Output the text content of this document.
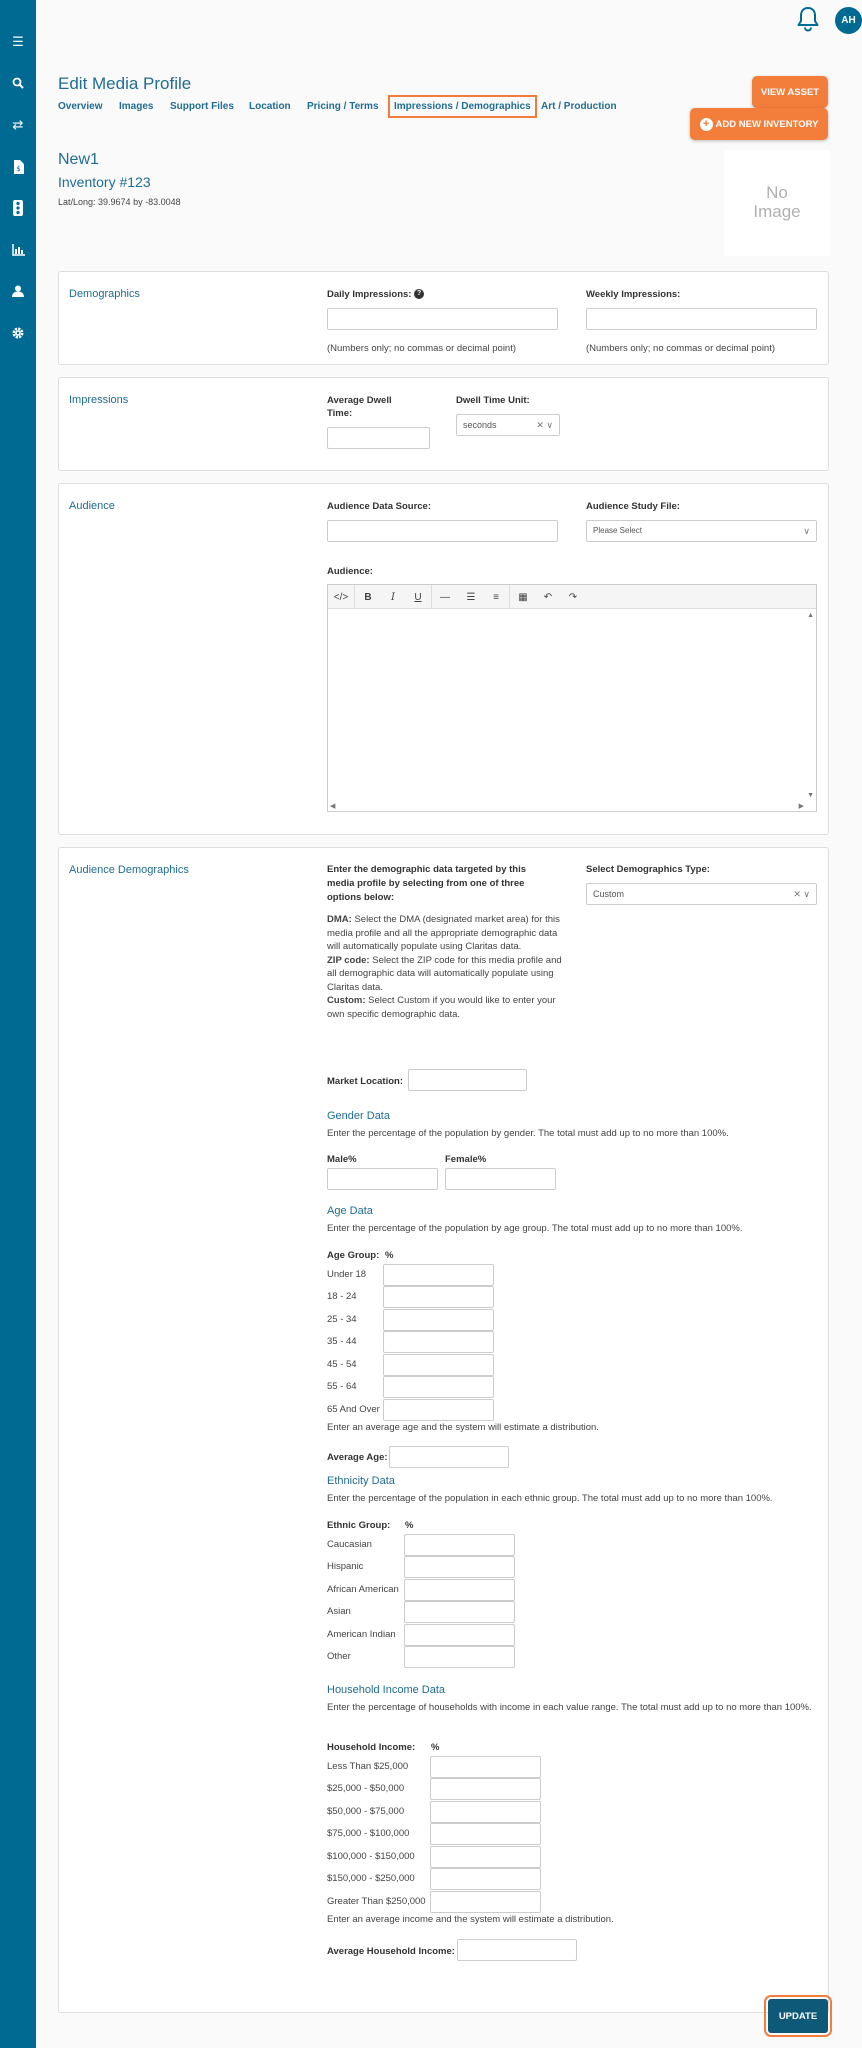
☰
⇄
$
AH
Edit Media Profile
Overview Images Support Files Location Pricing / Terms Impressions / Demographics Art / Production
VIEW ASSET
+ ADD NEW INVENTORY
New1
Inventory #123
Lat/Long: 39.9674 by -83.0048	No Image
Demographics	Daily Impressions: ?
(Numbers only; no commas or decimal point)
Weekly Impressions:
(Numbers only; no commas or decimal point)
Impressions	Average Dwell Time:
Dwell Time Unit:
seconds	✕ ∨
Audience	Audience Data Source:	Audience Study File:
Please Select	∨
Audience:
</>	B	I	U	—	☰	≡	▦	↶	↷
▲
▼
◀	▶
Audience Demographics	Enter the demographic data targeted by this media profile by selecting from one of three options below:
DMA: Select the DMA (designated market area) for this media profile and all the appropriate demographic data will automatically populate using Claritas data.
ZIP code: Select the ZIP code for this media profile and all demographic data will automatically populate using Claritas data.
Custom: Select Custom if you would like to enter your own specific demographic data.
Select Demographics Type:
Custom	✕ ∨
Market Location:
Gender Data
Enter the percentage of the population by gender. The total must add up to no more than 100%.
Male%	Female%
Age Data
Enter the percentage of the population by age group. The total must add up to no more than 100%.
Age Group: %
Under 18
18 - 24
25 - 34
35 - 44
45 - 54
55 - 64
65 And Over
Enter an average age and the system will estimate a distribution.
Average Age:
Ethnicity Data
Enter the percentage of the population in each ethnic group. The total must add up to no more than 100%.
Ethnic Group: %
Caucasian
Hispanic
African American
Asian
American Indian
Other
Household Income Data
Enter the percentage of households with income in each value range. The total must add up to no more than 100%.
Household Income: %
Less Than $25,000
$25,000 - $50,000
$50,000 - $75,000
$75,000 - $100,000
$100,000 - $150,000
$150,000 - $250,000
Greater Than $250,000
Enter an average income and the system will estimate a distribution.
Average Household Income:
UPDATE
